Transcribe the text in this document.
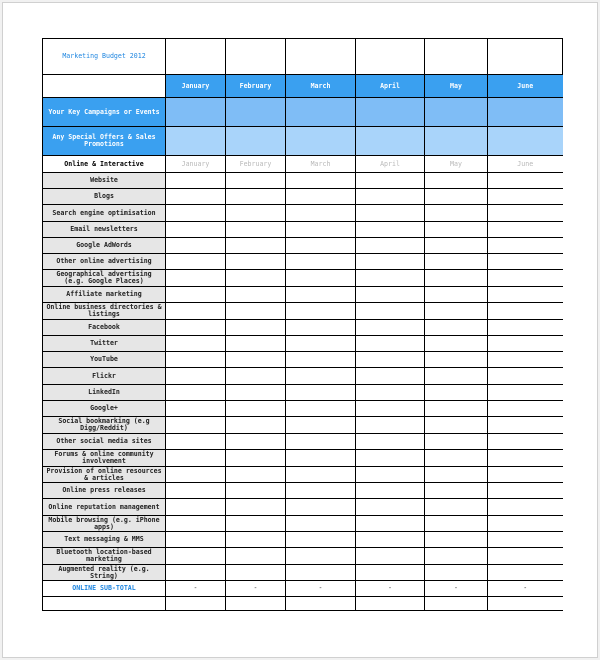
Marketing Budget 2012						
	January	February	March	April	May	June
Your Key Campaigns or Events						
Any Special Offers & Sales Promotions						
Online & Interactive	January	February	March	April	May	June
Website						
Blogs						
Search engine optimisation						
Email newsletters						
Google AdWords						
Other online advertising						
Geographical advertising (e.g. Google Places)						
Affiliate marketing						
Online business directories & listings						
Facebook						
Twitter						
YouTube						
Flickr						
LinkedIn						
Google+						
Social bookmarking (e.g Digg/Reddit)						
Other social media sites						
Forums & online community involvement						
Provision of online resources & articles						
Online press releases						
Online reputation management						
Mobile browsing (e.g. iPhone apps)						
Text messaging & MMS						
Bluetooth location-based marketing						
Augmented reality (e.g. String)						
ONLINE SUB-TOTAL	-	-	-	-	-	-
